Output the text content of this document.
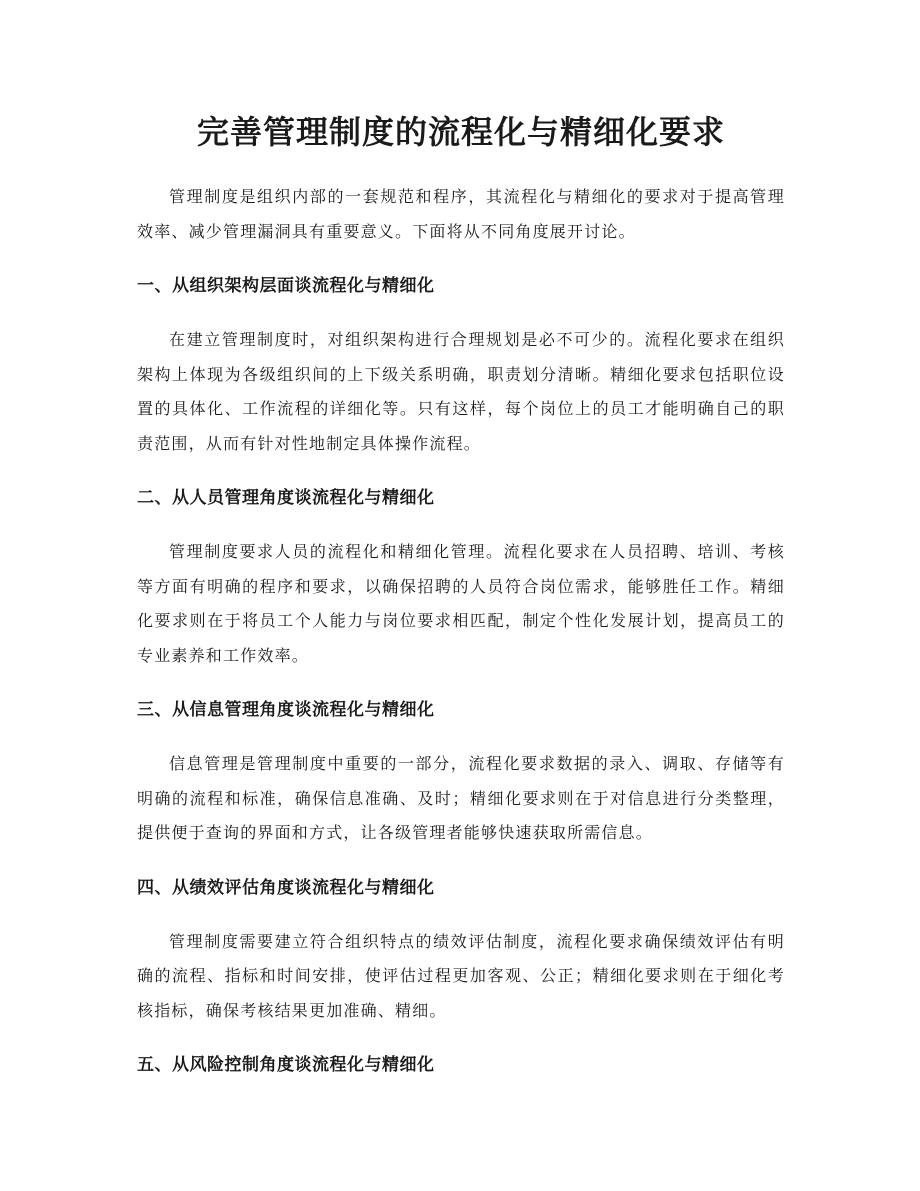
完善管理制度的流程化与精细化要求

管理制度是组织内部的一套规范和程序，其流程化与精细化的要求对于提高管理效率、减少管理漏洞具有重要意义。下面将从不同角度展开讨论。

一、从组织架构层面谈流程化与精细化

在建立管理制度时，对组织架构进行合理规划是必不可少的。流程化要求在组织架构上体现为各级组织间的上下级关系明确，职责划分清晰。精细化要求包括职位设置的具体化、工作流程的详细化等。只有这样，每个岗位上的员工才能明确自己的职责范围，从而有针对性地制定具体操作流程。

二、从人员管理角度谈流程化与精细化

管理制度要求人员的流程化和精细化管理。流程化要求在人员招聘、培训、考核等方面有明确的程序和要求，以确保招聘的人员符合岗位需求，能够胜任工作。精细化要求则在于将员工个人能力与岗位要求相匹配，制定个性化发展计划，提高员工的专业素养和工作效率。

三、从信息管理角度谈流程化与精细化

信息管理是管理制度中重要的一部分，流程化要求数据的录入、调取、存储等有明确的流程和标准，确保信息准确、及时；精细化要求则在于对信息进行分类整理，提供便于查询的界面和方式，让各级管理者能够快速获取所需信息。

四、从绩效评估角度谈流程化与精细化

管理制度需要建立符合组织特点的绩效评估制度，流程化要求确保绩效评估有明确的流程、指标和时间安排，使评估过程更加客观、公正；精细化要求则在于细化考核指标，确保考核结果更加准确、精细。

五、从风险控制角度谈流程化与精细化
